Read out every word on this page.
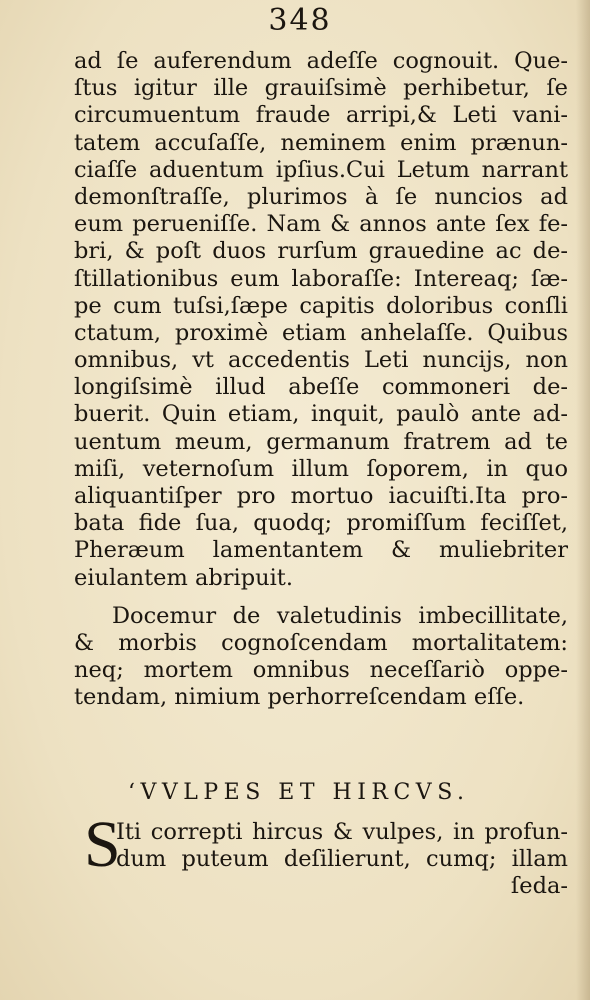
348
ad ſe auferendum adeſſe cognouit. Que-
ſtus igitur ille grauiſsimè perhibetur, ſe
circumuentum fraude arripi,& Leti vani-
tatem accuſaſſe, neminem enim prænun-
ciaſſe aduentum ipſius.Cui Letum narrant
demonſtraſſe, plurimos à ſe nuncios ad
eum perueniſſe. Nam & annos ante ſex fe-
bri, & poſt duos rurſum grauedine ac de-
ſtillationibus eum laboraſſe: Intereaq; ſæ-
pe cum tuſsi,ſæpe capitis doloribus conſli
ctatum, proximè etiam anhelaſſe. Quibus
omnibus, vt accedentis Leti nuncijs, non
longiſsimè illud abeſſe commoneri de-
buerit. Quin etiam, inquit, paulò ante ad-
uentum meum, germanum fratrem ad te
miſi, veternoſum illum ſoporem, in quo
aliquantiſper pro mortuo iacuiſti.Ita pro-
bata fide ſua, quodq; promiſſum feciſſet,
Pheræum lamentantem & muliebriter
eiulantem abripuit.
Docemur de valetudinis imbecillitate,
& morbis cognoſcendam mortalitatem:
neq; mortem omnibus neceſſariò oppe-
tendam, nimium perhorreſcendam eſſe.
ʻVVLPES ET HIRCVS.
S
Iti correpti hircus & vulpes, in profun-
dum puteum deſilierunt, cumq; illam
ſeda-
